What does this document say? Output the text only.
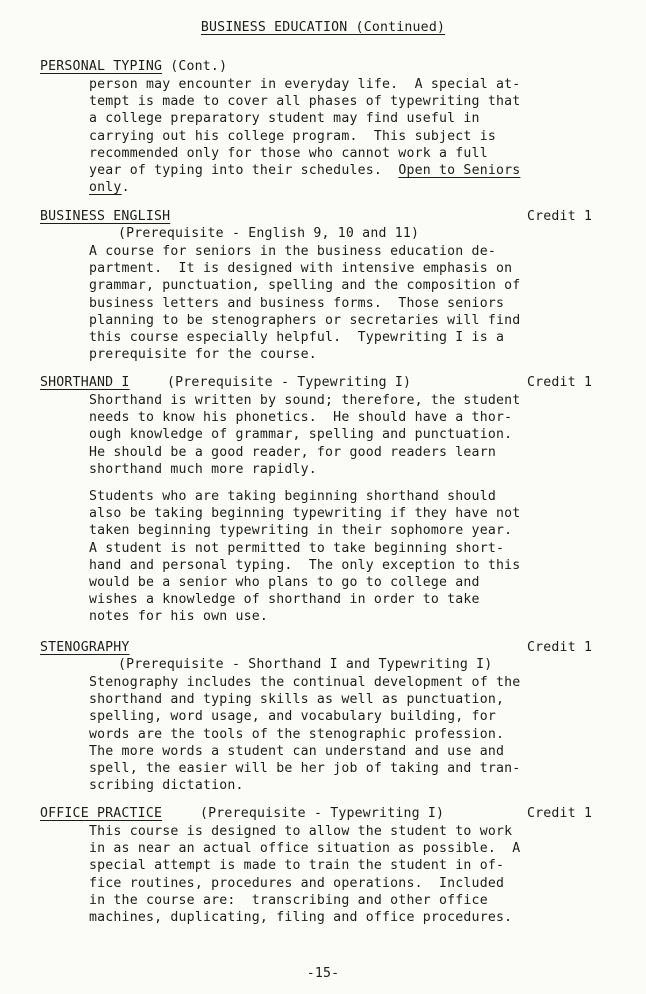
BUSINESS EDUCATION (Continued)
PERSONAL TYPING (Cont.)
person may encounter in everyday life.  A special at-
tempt is made to cover all phases of typewriting that
a college preparatory student may find useful in
carrying out his college program.  This subject is
recommended only for those who cannot work a full
year of typing into their schedules. Open to Seniors
only.
BUSINESS ENGLISH	Credit 1
(Prerequisite - English 9, 10 and 11)
A course for seniors in the business education de-
partment.  It is designed with intensive emphasis on
grammar, punctuation, spelling and the composition of
business letters and business forms.  Those seniors
planning to be stenographers or secretaries will find
this course especially helpful.  Typewriting I is a
prerequisite for the course.
SHORTHAND I	(Prerequisite - Typewriting I)	Credit 1
Shorthand is written by sound; therefore, the student
needs to know his phonetics.  He should have a thor-
ough knowledge of grammar, spelling and punctuation.
He should be a good reader, for good readers learn
shorthand much more rapidly.
Students who are taking beginning shorthand should
also be taking beginning typewriting if they have not
taken beginning typewriting in their sophomore year.
A student is not permitted to take beginning short-
hand and personal typing.  The only exception to this
would be a senior who plans to go to college and
wishes a knowledge of shorthand in order to take
notes for his own use.
STENOGRAPHY	Credit 1
(Prerequisite - Shorthand I and Typewriting I)
Stenography includes the continual development of the
shorthand and typing skills as well as punctuation,
spelling, word usage, and vocabulary building, for
words are the tools of the stenographic profession.
The more words a student can understand and use and
spell, the easier will be her job of taking and tran-
scribing dictation.
OFFICE PRACTICE	(Prerequisite - Typewriting I)	Credit 1
This course is designed to allow the student to work
in as near an actual office situation as possible.  A
special attempt is made to train the student in of-
fice routines, procedures and operations.  Included
in the course are:  transcribing and other office
machines, duplicating, filing and office procedures.
-15-
